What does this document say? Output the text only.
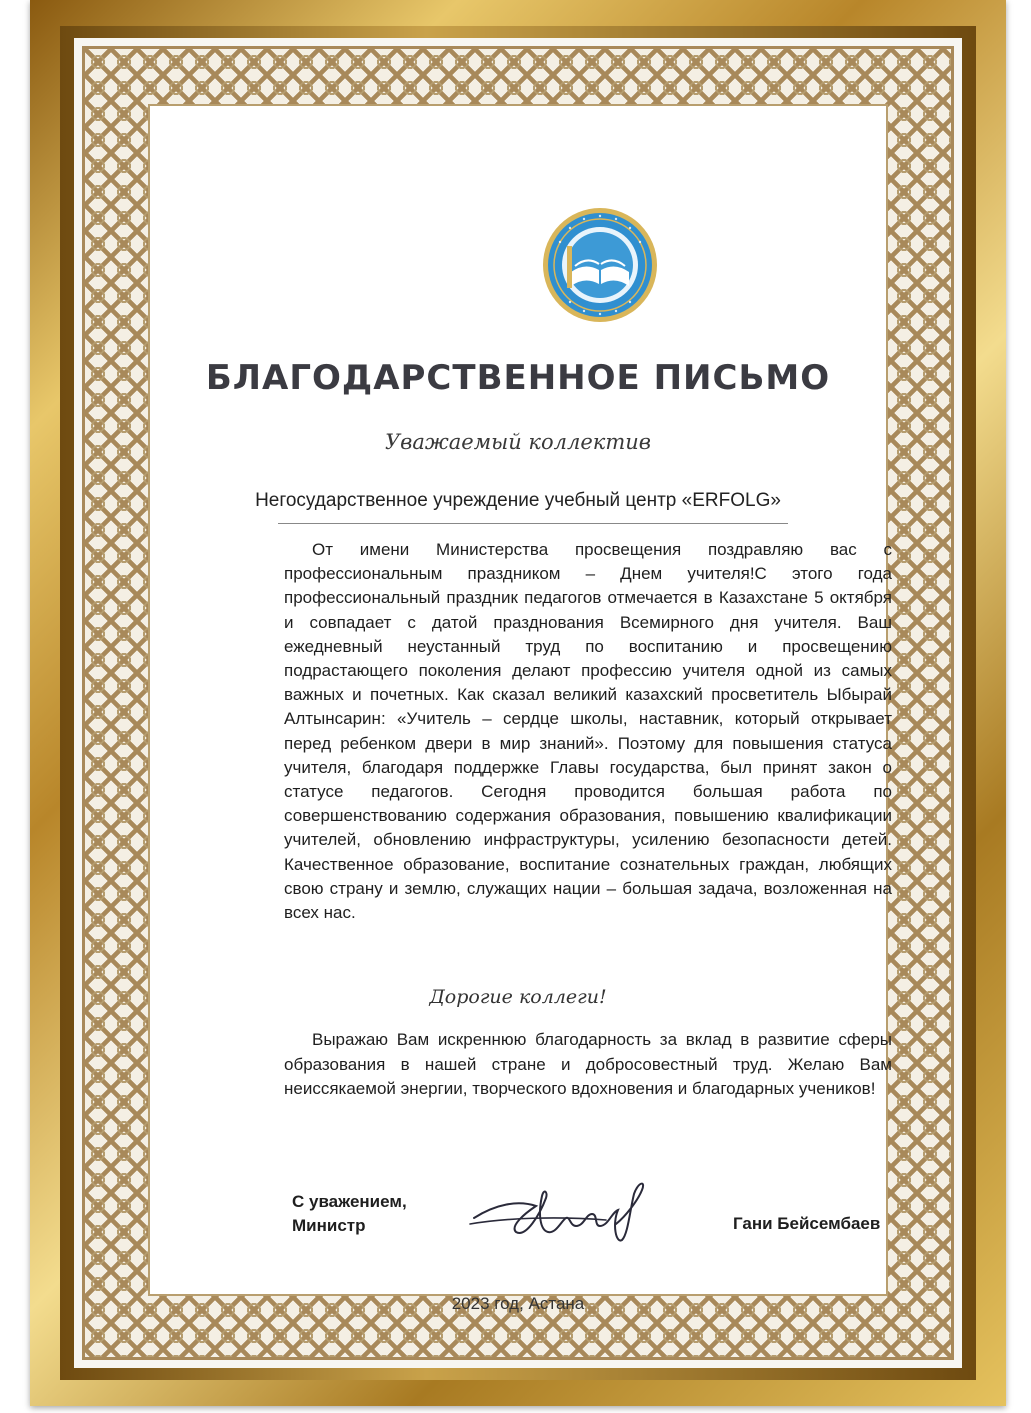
БЛАГОДАРСТВЕННОЕ ПИСЬМО
Уважаемый коллектив
Негосударственное учреждение учебный центр «ERFOLG»

От имени Министерства просвещения поздравляю вас с профессиональным праздником – Днем учителя!С этого года профессиональный праздник педагогов отмечается в Казахстане 5 октября и совпадает с датой празднования Всемирного дня учителя. Ваш ежедневный неустанный труд по воспитанию и просвещению подрастающего поколения делают профессию учителя одной из самых важных и почетных. Как сказал великий казахский просветитель Ыбырай Алтынсарин: «Учитель – сердце школы, наставник, который открывает перед ребенком двери в мир знаний». Поэтому для повышения статуса учителя, благодаря поддержке Главы государства, был принят закон о статусе педагогов. Сегодня проводится большая работа по совершенствованию содержания образования, повышению квалификации учителей, обновлению инфраструктуры, усилению безопасности детей. Качественное образование, воспитание сознательных граждан, любящих свою страну и землю, служащих нации – большая задача, возложенная на всех нас.

Дорогие коллеги!

Выражаю Вам искреннюю благодарность за вклад в развитие сферы образования в нашей стране и добросовестный труд. Желаю Вам неиссякаемой энергии, творческого вдохновения и благодарных учеников!

С уважением,
Министр	Гани Бейсембаев
2023 год, Астана
